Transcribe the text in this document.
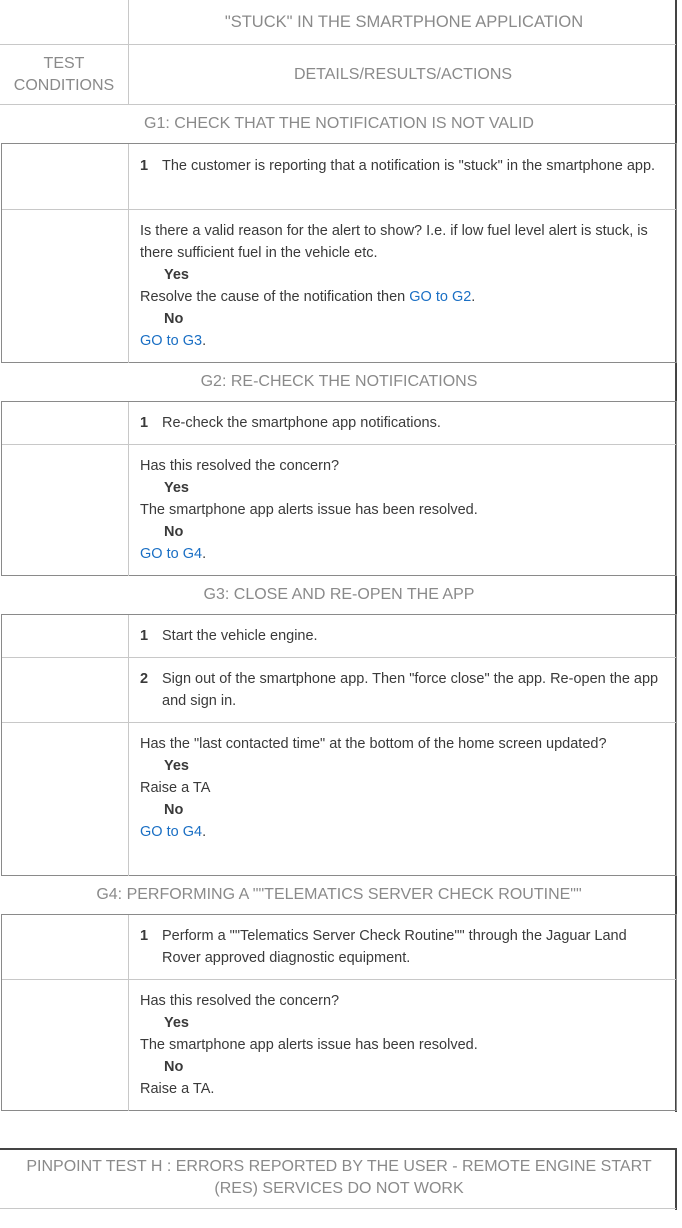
"STUCK" IN THE SMARTPHONE APPLICATION
TEST CONDITIONS
DETAILS/RESULTS/ACTIONS
G1: CHECK THAT THE NOTIFICATION IS NOT VALID
1 The customer is reporting that a notification is "stuck" in the smartphone app.
Is there a valid reason for the alert to show? I.e. if low fuel level alert is stuck, is there sufficient fuel in the vehicle etc.
Yes
Resolve the cause of the notification then GO to G2.
No
GO to G3.
G2: RE-CHECK THE NOTIFICATIONS
1 Re-check the smartphone app notifications.
Has this resolved the concern?
Yes
The smartphone app alerts issue has been resolved.
No
GO to G4.
G3: CLOSE AND RE-OPEN THE APP
1 Start the vehicle engine.
2 Sign out of the smartphone app. Then "force close" the app. Re-open the app and sign in.
Has the "last contacted time" at the bottom of the home screen updated?
Yes
Raise a TA
No
GO to G4.
G4: PERFORMING A ""TELEMATICS SERVER CHECK ROUTINE""
1 Perform a ""Telematics Server Check Routine"" through the Jaguar Land Rover approved diagnostic equipment.
Has this resolved the concern?
Yes
The smartphone app alerts issue has been resolved.
No
Raise a TA.
PINPOINT TEST H : ERRORS REPORTED BY THE USER - REMOTE ENGINE START
(RES) SERVICES DO NOT WORK
